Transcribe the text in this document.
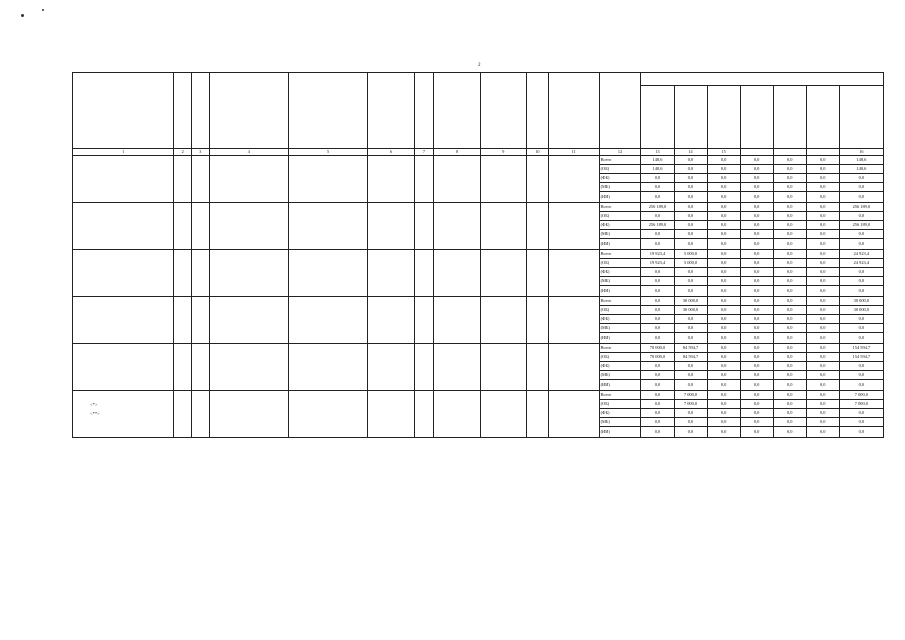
2

1	2	3	4	5	6	7	8	9	10	11	12	13	14	15				16
											Всего	148,6	0,0	0,0	0,0	0,0	0,0	148,6
											(ОБ)	148,6	0,0	0,0	0,0	0,0	0,0	148,6
											(ФБ)	0,0	0,0	0,0	0,0	0,0	0,0	0,0
											(МБ)	0,0	0,0	0,0	0,0	0,0	0,0	0,0
											(ИИ)	0,0	0,0	0,0	0,0	0,0	0,0	0,0
											Всего	256 189,0	0,0	0,0	0,0	0,0	0,0	256 189,0
											(ОБ)	0,0	0,0	0,0	0,0	0,0	0,0	0,0
											(ФБ)	256 189,0	0,0	0,0	0,0	0,0	0,0	256 189,0
											(МБ)	0,0	0,0	0,0	0,0	0,0	0,0	0,0
											(ИИ)	0,0	0,0	0,0	0,0	0,0	0,0	0,0
											Всего	19 923,4	5 000,0	0,0	0,0	0,0	0,0	24 923,4
											(ОБ)	19 923,4	5 000,0	0,0	0,0	0,0	0,0	24 923,4
											(ФБ)	0,0	0,0	0,0	0,0	0,0	0,0	0,0
											(МБ)	0,0	0,0	0,0	0,0	0,0	0,0	0,0
											(ИИ)	0,0	0,0	0,0	0,0	0,0	0,0	0,0
											Всего	0,0	30 000,0	0,0	0,0	0,0	0,0	30 000,0
											(ОБ)	0,0	30 000,0	0,0	0,0	0,0	0,0	30 000,0
											(ФБ)	0,0	0,0	0,0	0,0	0,0	0,0	0,0
											(МБ)	0,0	0,0	0,0	0,0	0,0	0,0	0,0
											(ИИ)	0,0	0,0	0,0	0,0	0,0	0,0	0,0
											Всего	70 000,0	84 594,7	0,0	0,0	0,0	0,0	154 594,7
											(ОБ)	70 000,0	84 594,7	0,0	0,0	0,0	0,0	154 594,7
											(ФБ)	0,0	0,0	0,0	0,0	0,0	0,0	0,0
											(МБ)	0,0	0,0	0,0	0,0	0,0	0,0	0,0
											(ИИ)	0,0	0,0	0,0	0,0	0,0	0,0	0,0
											Всего	0,0	7 000,0	0,0	0,0	0,0	0,0	7 000,0
											(ОБ)	0,0	7 000,0	0,0	0,0	0,0	0,0	7 000,0
											(ФБ)	0,0	0,0	0,0	0,0	0,0	0,0	0,0
											(МБ)	0,0	0,0	0,0	0,0	0,0	0,0	0,0
											(ИИ)	0,0	0,0	0,0	0,0	0,0	0,0	0,0
<*>
<**>
